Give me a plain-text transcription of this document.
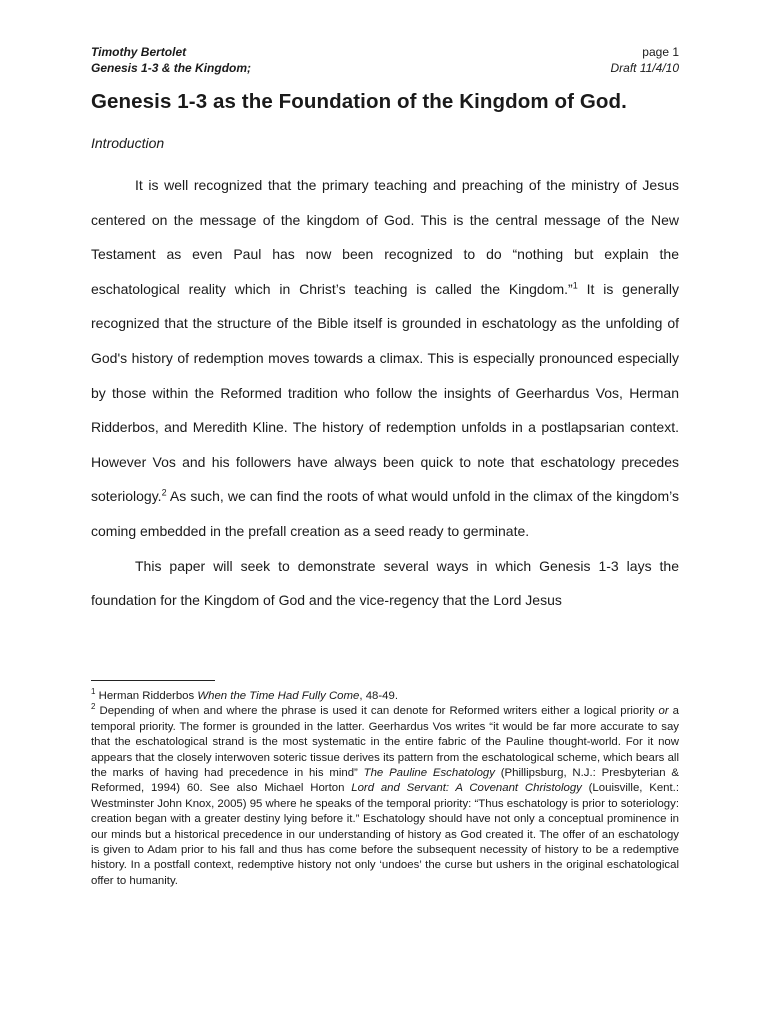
Timothy Bertolet
Genesis 1-3 & the Kingdom;
page 1
Draft 11/4/10
Genesis 1-3 as the Foundation of the Kingdom of God.
Introduction

It is well recognized that the primary teaching and preaching of the ministry of Jesus centered on the message of the kingdom of God. This is the central message of the New Testament as even Paul has now been recognized to do “nothing but explain the eschatological reality which in Christ’s teaching is called the Kingdom.”$^1$ It is generally recognized that the structure of the Bible itself is grounded in eschatology as the unfolding of God's history of redemption moves towards a climax. This is especially pronounced especially by those within the Reformed tradition who follow the insights of Geerhardus Vos, Herman Ridderbos, and Meredith Kline. The history of redemption unfolds in a postlapsarian context. However Vos and his followers have always been quick to note that eschatology precedes soteriology.$^2$ As such, we can find the roots of what would unfold in the climax of the kingdom’s coming embedded in the prefall creation as a seed ready to germinate.

This paper will seek to demonstrate several ways in which Genesis 1-3 lays the foundation for the Kingdom of God and the vice-regency that the Lord Jesus

$^1$ Herman Ridderbos When the Time Had Fully Come, 48-49.

$^2$ Depending of when and where the phrase is used it can denote for Reformed writers either a logical priority or a temporal priority. The former is grounded in the latter. Geerhardus Vos writes “it would be far more accurate to say that the eschatological strand is the most systematic in the entire fabric of the Pauline thought-world. For it now appears that the closely interwoven soteric tissue derives its pattern from the eschatological scheme, which bears all the marks of having had precedence in his mind” The Pauline Eschatology (Phillipsburg, N.J.: Presbyterian & Reformed, 1994) 60. See also Michael Horton Lord and Servant: A Covenant Christology (Louisville, Kent.: Westminster John Knox, 2005) 95 where he speaks of the temporal priority: “Thus eschatology is prior to soteriology: creation began with a greater destiny lying before it.” Eschatology should have not only a conceptual prominence in our minds but a historical precedence in our understanding of history as God created it. The offer of an eschatology is given to Adam prior to his fall and thus has come before the subsequent necessity of history to be a redemptive history. In a postfall context, redemptive history not only ‘undoes’ the curse but ushers in the original eschatological offer to humanity.
